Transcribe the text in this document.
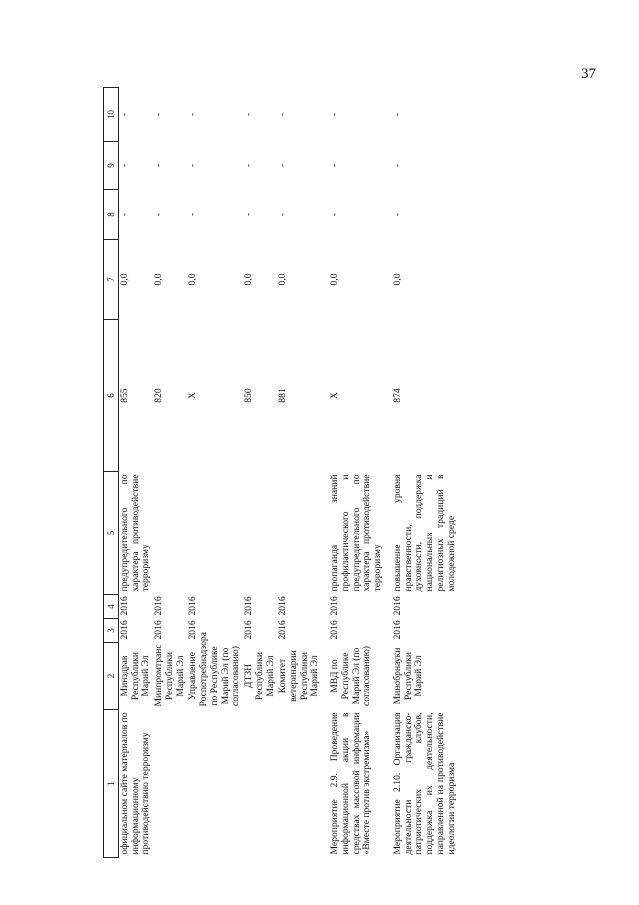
37
1	2	3	4	5	6	7	8	9	10
официальном сайте материалов по информационному противодействию терроризму	Минздрав Республики Марий Эл	2016	2016	предупредительного по характера противодействие терроризму	855	0,0	-	-	-
	Минпромтранс Республики Марий Эл	2016	2016		820	0,0	-	-	-
	Управление Роспотребнадзора по Республике Марий Эл (по согласованию)	2016	2016		Х	0,0	-	-	-
	ДТЗН Республики Марий Эл	2016	2016		850	0,0	-	-	-
	Комитет ветеринарии Республики Марий Эл	2016	2016		881	0,0	-	-	-
Мероприятие 2.9. Проведение информационной акции в средствах массовой информации «Вместе против экстремизма»	МВД по Республике Марий Эл (по согласованию)	2016	2016	пропаганда знаний профилактического и предупредительного по характера противодействие терроризму	Х	0,0	-	-	-
Мероприятие 2.10. Организация деятельности гражданско-патриотических клубов, поддержка их деятельности, направленной на противодействие идеологии терроризма	Минобрнауки Республики Марий Эл	2016	2016	повышение уровня нравственности, духовности, поддержка национальных и религиозных традиций в молодежной среде	874	0,0	-	-	-
